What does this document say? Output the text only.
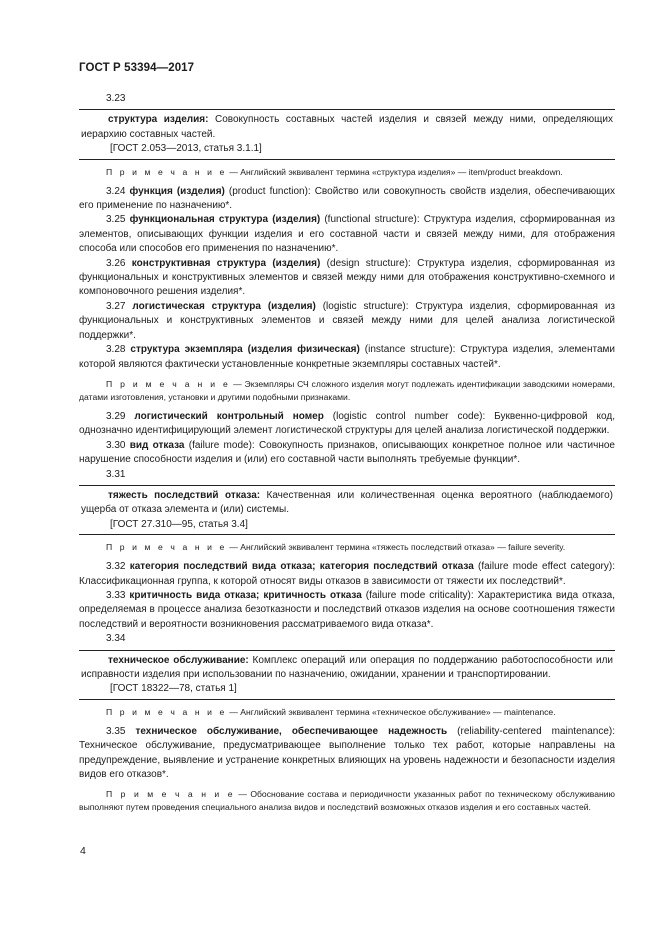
ГОСТ Р 53394—2017

3.23

структура изделия: Совокупность составных частей изделия и связей между ними, определяющих иерархию составных частей.

[ГОСТ 2.053—2013, статья 3.1.1]

П р и м е ч а н и е — Английский эквивалент термина «структура изделия» — item/product breakdown.

3.24 функция (изделия) (product function): Свойство или совокупность свойств изделия, обеспечивающих его применение по назначению*.

3.25 функциональная структура (изделия) (functional structure): Структура изделия, сформированная из элементов, описывающих функции изделия и его составной части и связей между ними, для отображения способа или способов его применения по назначению*.

3.26 конструктивная структура (изделия) (design structure): Структура изделия, сформированная из функциональных и конструктивных элементов и связей между ними для отображения конструктивно-схемного и компоновочного решения изделия*.

3.27 логистическая структура (изделия) (logistic structure): Структура изделия, сформированная из функциональных и конструктивных элементов и связей между ними для целей анализа логистической поддержки*.

3.28 структура экземпляра (изделия физическая) (instance structure): Структура изделия, элементами которой являются фактически установленные конкретные экземпляры составных частей*.

П р и м е ч а н и е — Экземпляры СЧ сложного изделия могут подлежать идентификации заводскими номерами, датами изготовления, установки и другими подобными признаками.

3.29 логистический контрольный номер (logistic control number code): Буквенно-цифровой код, однозначно идентифицирующий элемент логистической структуры для целей анализа логистической поддержки.

3.30 вид отказа (failure mode): Совокупность признаков, описывающих конкретное полное или частичное нарушение способности изделия и (или) его составной части выполнять требуемые функции*.

3.31

тяжесть последствий отказа: Качественная или количественная оценка вероятного (наблюдаемого) ущерба от отказа элемента и (или) системы.

[ГОСТ 27.310—95, статья 3.4]

П р и м е ч а н и е — Английский эквивалент термина «тяжесть последствий отказа» — failure severity.

3.32 категория последствий вида отказа; категория последствий отказа (failure mode effect category): Классификационная группа, к которой относят виды отказов в зависимости от тяжести их последствий*.

3.33 критичность вида отказа; критичность отказа (failure mode criticality): Характеристика вида отказа, определяемая в процессе анализа безотказности и последствий отказов изделия на основе соотношения тяжести последствий и вероятности возникновения рассматриваемого вида отказа*.

3.34

техническое обслуживание: Комплекс операций или операция по поддержанию работоспособности или исправности изделия при использовании по назначению, ожидании, хранении и транспортировании.

[ГОСТ 18322—78, статья 1]

П р и м е ч а н и е — Английский эквивалент термина «техническое обслуживание» — maintenance.

3.35 техническое обслуживание, обеспечивающее надежность (reliability-centered maintenance): Техническое обслуживание, предусматривающее выполнение только тех работ, которые направлены на предупреждение, выявление и устранение конкретных влияющих на уровень надежности и безопасности изделия видов его отказов*.

П р и м е ч а н и е — Обоснование состава и периодичности указанных работ по техническому обслуживанию выполняют путем проведения специального анализа видов и последствий возможных отказов изделия и его составных частей.

4
